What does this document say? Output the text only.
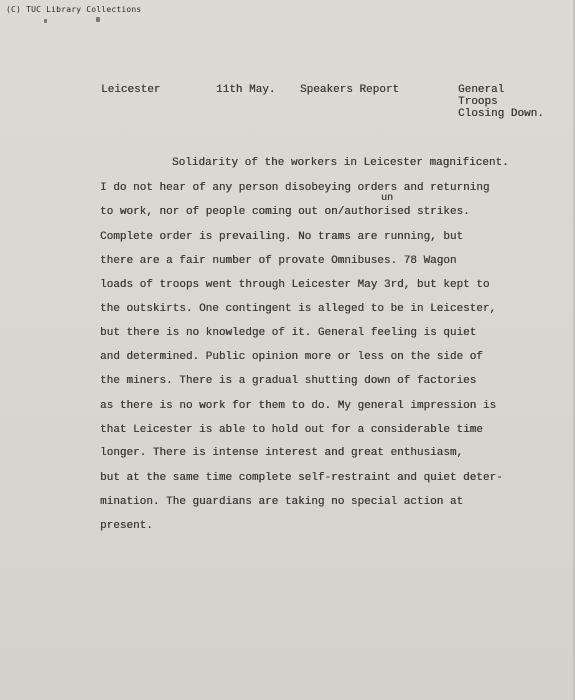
(C) TUC Library Collections
Leicester	11th May. Speakers Report	General
Troops
Closing Down.
un
Solidarity of the workers in Leicester magnificent.
I do not hear of any person disobeying orders and returning
to work, nor of people coming out on/authorised strikes.
Complete order is prevailing. No trams are running, but
there are a fair number of provate Omnibuses. 78 Wagon
loads of troops went through Leicester May 3rd, but kept to
the outskirts. One contingent is alleged to be in Leicester,
but there is no knowledge of it. General feeling is quiet
and determined. Public opinion more or less on the side of
the miners. There is a gradual shutting down of factories
as there is no work for them to do. My general impression is
that Leicester is able to hold out for a considerable time
longer. There is intense interest and great enthusiasm,
but at the same time complete self-restraint and quiet deter-
mination. The guardians are taking no special action at
present.
